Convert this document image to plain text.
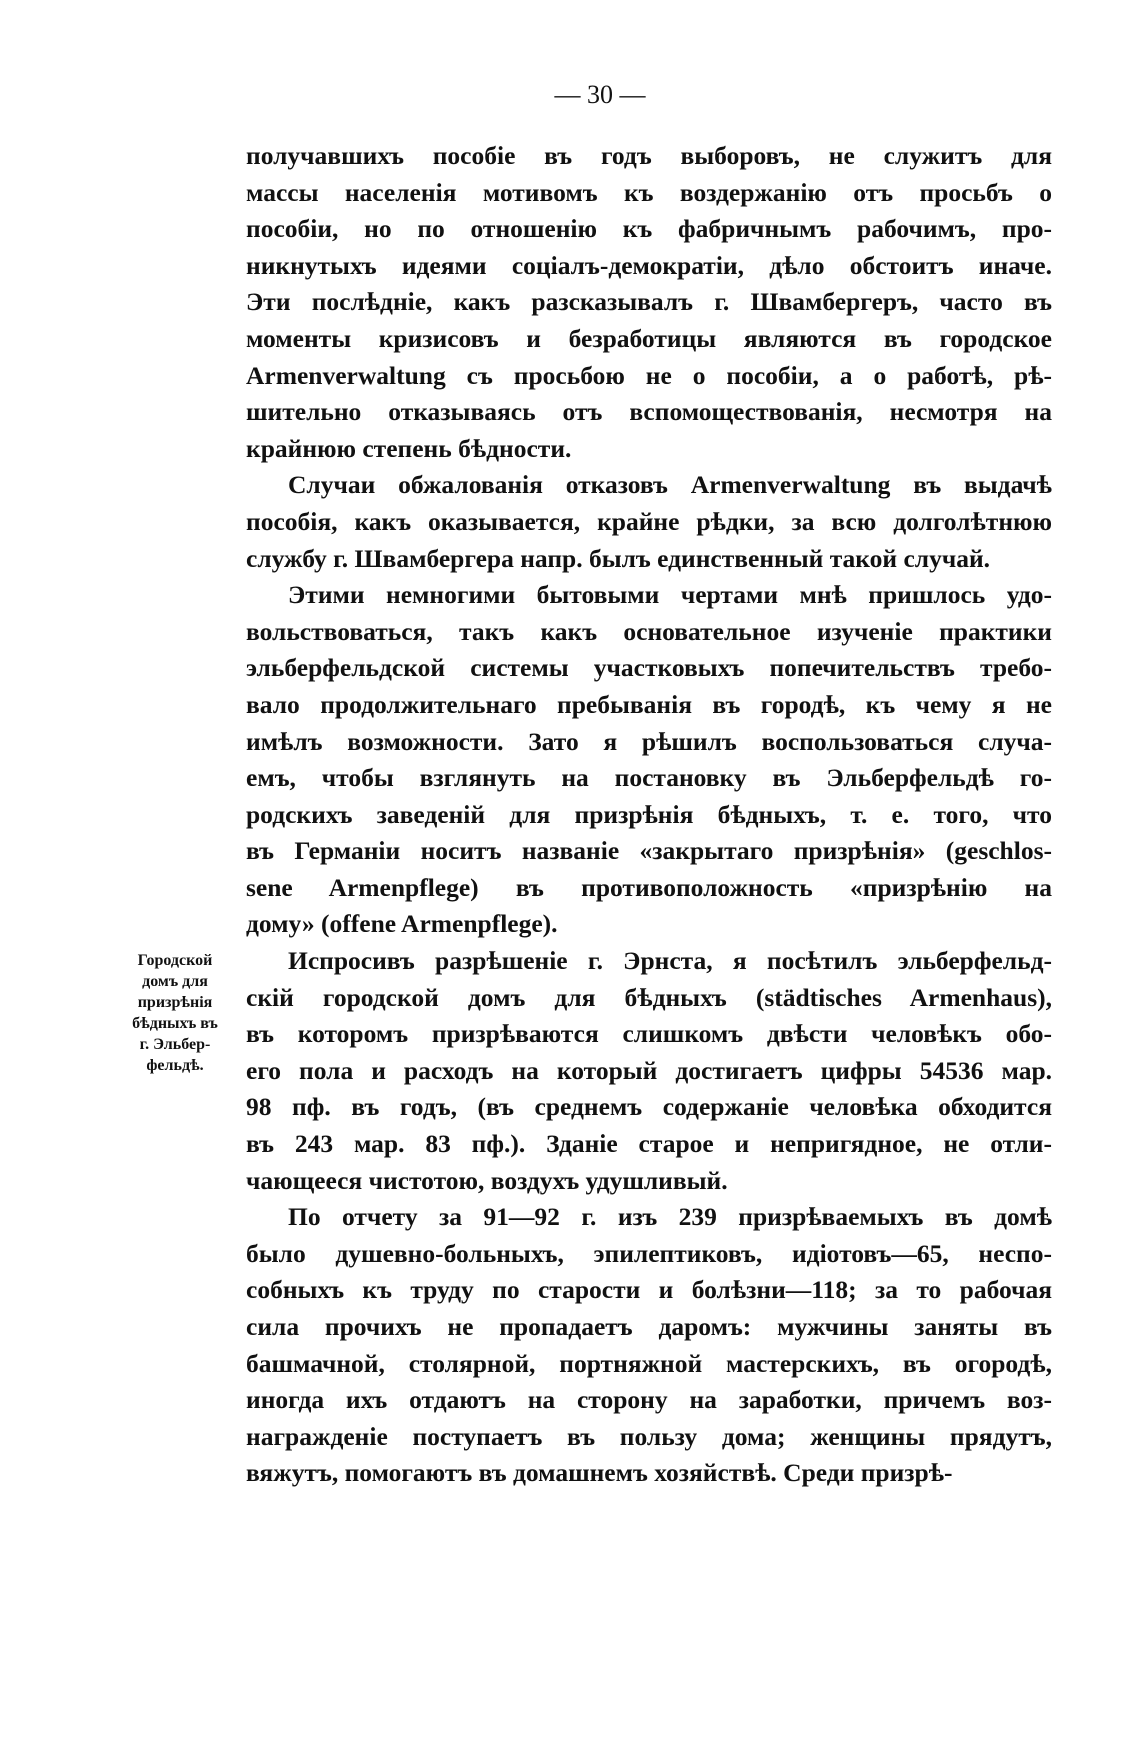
— 30 —
Городской
домъ для
призрѣнія
бѣдныхъ въ
г. Эльбер-
фельдѣ.
получавшихъ пособіе въ годъ выборовъ, не служитъ для
массы населенія мотивомъ къ воздержанію отъ просьбъ о
пособіи, но по отношенію къ фабричнымъ рабочимъ, про-
никнутыхъ идеями соціалъ-демократіи, дѣло обстоитъ иначе.
Эти послѣдніе, какъ разсказывалъ г. Швамбергеръ, часто въ
моменты кризисовъ и безработицы являются въ городское
Armenverwaltung съ просьбою не о пособіи, а о работѣ, рѣ-
шительно отказываясь отъ вспомоществованія, несмотря на
крайнюю степень бѣдности.
Случаи обжалованія отказовъ Armenverwaltung въ выдачѣ
пособія, какъ оказывается, крайне рѣдки, за всю долголѣтнюю
службу г. Швамбергера напр. былъ единственный такой случай.
Этими немногими бытовыми чертами мнѣ пришлось удо-
вольствоваться, такъ какъ основательное изученіе практики
эльберфельдской системы участковыхъ попечительствъ требо-
вало продолжительнаго пребыванія въ городѣ, къ чему я не
имѣлъ возможности. Зато я рѣшилъ воспользоваться случа-
емъ, чтобы взглянуть на постановку въ Эльберфельдѣ го-
родскихъ заведеній для призрѣнія бѣдныхъ, т. е. того, что
въ Германіи носитъ названіе «закрытаго призрѣнія» (geschlos-
sene Armenpflege) въ противоположность «призрѣнію на
дому» (offene Armenpflege).
Испросивъ разрѣшеніе г. Эрнста, я посѣтилъ эльберфельд-
скій городской домъ для бѣдныхъ (städtisches Armenhaus),
въ которомъ призрѣваются слишкомъ двѣсти человѣкъ обо-
его пола и расходъ на который достигаетъ цифры 54536 мар.
98 пф. въ годъ, (въ среднемъ содержаніе человѣка обходится
въ 243 мар. 83 пф.). Зданіе старое и непригядное, не отли-
чающееся чистотою, воздухъ удушливый.
По отчету за 91—92 г. изъ 239 призрѣваемыхъ въ домѣ
было душевно-больныхъ, эпилептиковъ, идіотовъ—65, неспо-
собныхъ къ труду по старости и болѣзни—118; за то рабочая
сила прочихъ не пропадаетъ даромъ: мужчины заняты въ
башмачной, столярной, портняжной мастерскихъ, въ огородѣ,
иногда ихъ отдаютъ на сторону на заработки, причемъ воз-
награжденіе поступаетъ въ пользу дома; женщины прядутъ,
вяжутъ, помогаютъ въ домашнемъ хозяйствѣ. Среди призрѣ-
